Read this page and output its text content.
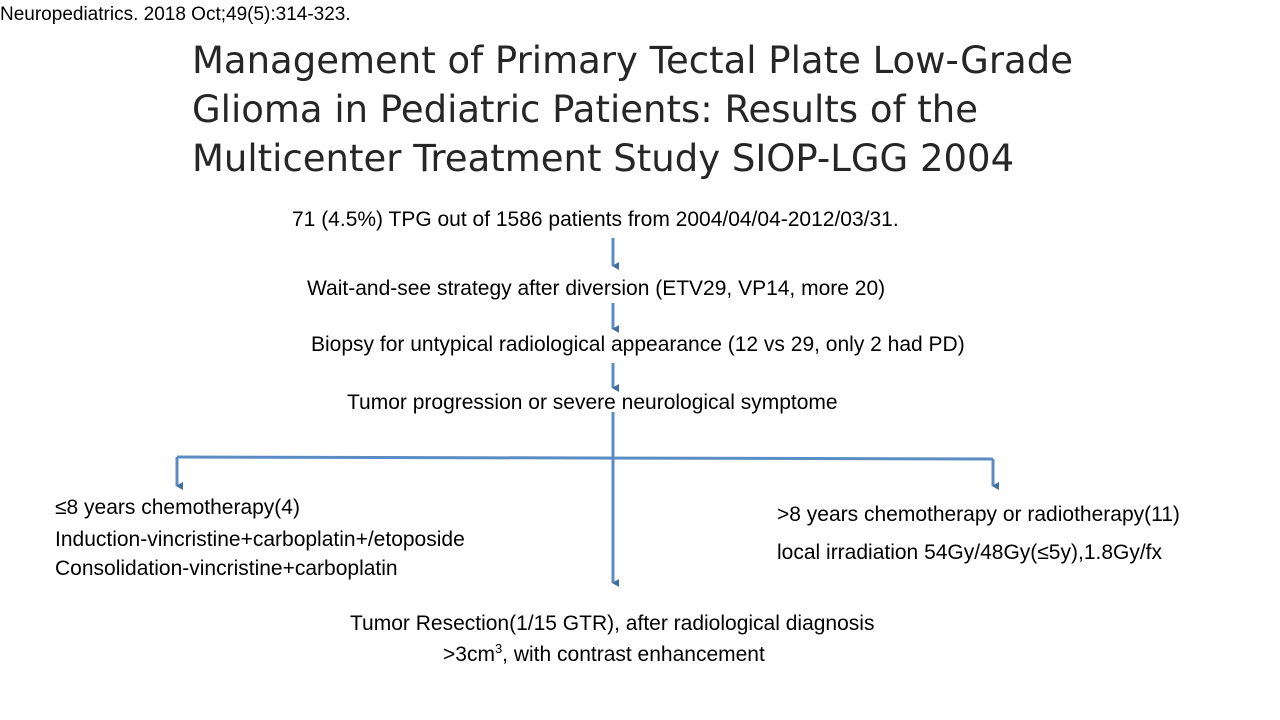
Neuropediatrics. 2018 Oct;49(5):314-323.
Management of Primary Tectal Plate Low-Grade
Glioma in Pediatric Patients: Results of the
Multicenter Treatment Study SIOP-LGG 2004
71 (4.5%) TPG out of 1586 patients from 2004/04/04-2012/03/31.
Wait-and-see strategy after diversion (ETV29, VP14, more 20)
Biopsy for untypical radiological appearance (12 vs 29, only 2 had PD)
Tumor progression or severe neurological symptome
≤8 years chemotherapy(4)
Induction-vincristine+carboplatin+/etoposide
Consolidation-vincristine+carboplatin
>8 years chemotherapy or radiotherapy(11)
local irradiation 54Gy/48Gy(≤5y),1.8Gy/fx
Tumor Resection(1/15 GTR), after radiological diagnosis
$>3cm^3$, with contrast enhancement
